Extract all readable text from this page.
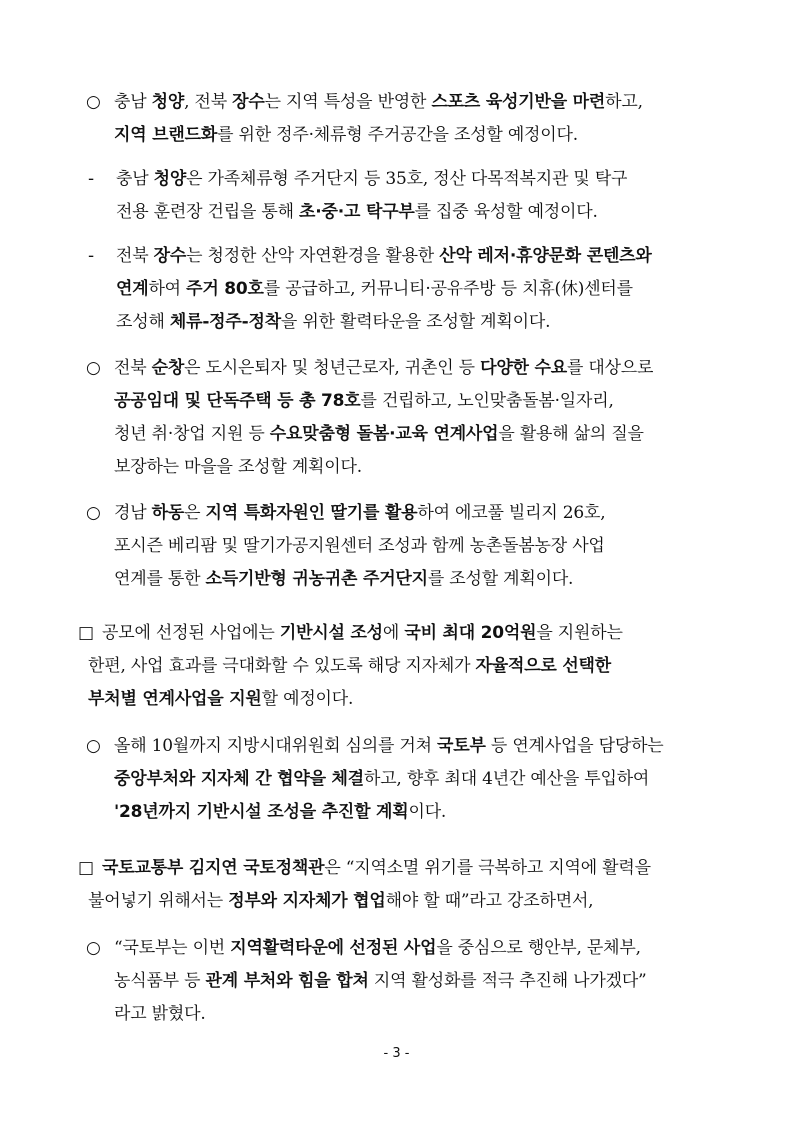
○ 충남 청양, 전북 장수는 지역 특성을 반영한 스포츠 육성기반을 마련하고,
지역 브랜드화를 위한 정주·체류형 주거공간을 조성할 예정이다.
-	충남 청양은 가족체류형 주거단지 등 35호, 정산 다목적복지관 및 탁구
전용 훈련장 건립을 통해 초·중·고 탁구부를 집중 육성할 예정이다.
-	전북 장수는 청정한 산악 자연환경을 활용한 산악 레저·휴양문화 콘텐츠와
연계하여 주거 80호를 공급하고, 커뮤니티·공유주방 등 치휴(休)센터를
조성해 체류-정주-정착을 위한 활력타운을 조성할 계획이다.
○ 전북 순창은 도시은퇴자 및 청년근로자, 귀촌인 등 다양한 수요를 대상으로
공공임대 및 단독주택 등 총 78호를 건립하고, 노인맞춤돌봄·일자리,
청년 취·창업 지원 등 수요맞춤형 돌봄·교육 연계사업을 활용해 삶의 질을
보장하는 마을을 조성할 계획이다.
○ 경남 하동은 지역 특화자원인 딸기를 활용하여 에코풀 빌리지 26호,
포시즌 베리팜 및 딸기가공지원센터 조성과 함께 농촌돌봄농장 사업
연계를 통한 소득기반형 귀농귀촌 주거단지를 조성할 계획이다.
□ 공모에 선정된 사업에는 기반시설 조성에 국비 최대 20억원을 지원하는
한편, 사업 효과를 극대화할 수 있도록 해당 지자체가 자율적으로 선택한
부처별 연계사업을 지원할 예정이다.
○ 올해 10월까지 지방시대위원회 심의를 거쳐 국토부 등 연계사업을 담당하는
중앙부처와 지자체 간 협약을 체결하고, 향후 최대 4년간 예산을 투입하여
'28년까지 기반시설 조성을 추진할 계획이다.
□ 국토교통부 김지연 국토정책관은 “지역소멸 위기를 극복하고 지역에 활력을
불어넣기 위해서는 정부와 지자체가 협업해야 할 때”라고 강조하면서,
○ “국토부는 이번 지역활력타운에 선정된 사업을 중심으로 행안부, 문체부,
농식품부 등 관계 부처와 힘을 합쳐 지역 활성화를 적극 추진해 나가겠다”
라고 밝혔다.
- 3 -
